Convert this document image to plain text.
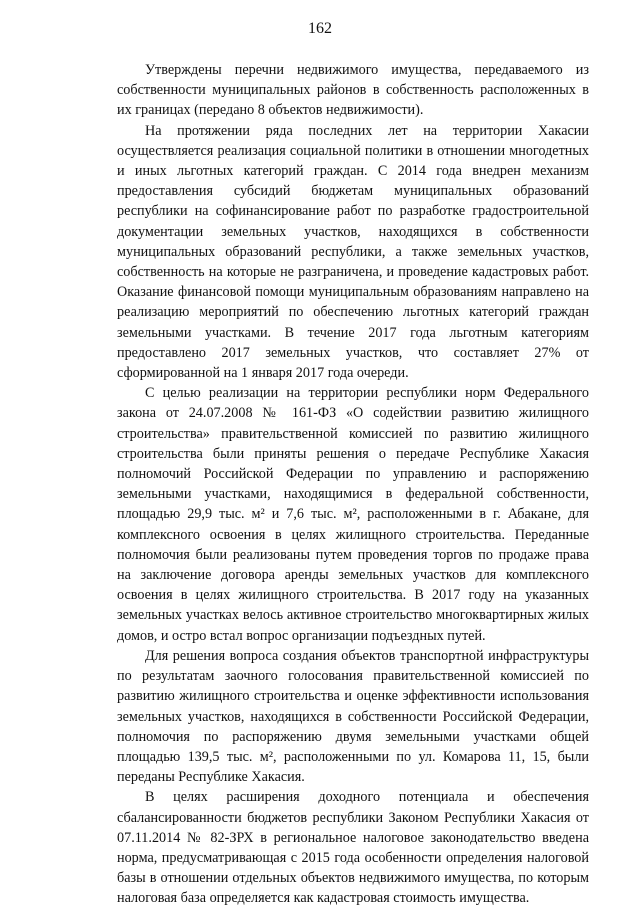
162

Утверждены перечни недвижимого имущества, передаваемого из собственности муниципальных районов в собственность расположенных в их границах (передано 8 объектов недвижимости).

На протяжении ряда последних лет на территории Хакасии осуществляется реализация социальной политики в отношении многодетных и иных льготных категорий граждан. С 2014 года внедрен механизм предоставления субсидий бюджетам муниципальных образований республики на софинансирование работ по разработке градостроительной документации земельных участков, находящихся в собственности муниципальных образований республики, а также земельных участков, собственность на которые не разграничена, и проведение кадастровых работ. Оказание финансовой помощи муниципальным образованиям направлено на реализацию мероприятий по обеспечению льготных категорий граждан земельными участками. В течение 2017 года льготным категориям предоставлено 2017 земельных участков, что составляет 27% от сформированной на 1 января 2017 года очереди.

С целью реализации на территории республики норм Федерального закона от 24.07.2008 № 161-ФЗ «О содействии развитию жилищного строительства» правительственной комиссией по развитию жилищного строительства были приняты решения о передаче Республике Хакасия полномочий Российской Федерации по управлению и распоряжению земельными участками, находящимися в федеральной собственности, площадью 29,9 тыс. м² и 7,6 тыс. м², расположенными в г. Абакане, для комплексного освоения в целях жилищного строительства. Переданные полномочия были реализованы путем проведения торгов по продаже права на заключение договора аренды земельных участков для комплексного освоения в целях жилищного строительства. В 2017 году на указанных земельных участках велось активное строительство многоквартирных жилых домов, и остро встал вопрос организации подъездных путей.

Для решения вопроса создания объектов транспортной инфраструктуры по результатам заочного голосования правительственной комиссией по развитию жилищного строительства и оценке эффективности использования земельных участков, находящихся в собственности Российской Федерации, полномочия по распоряжению двумя земельными участками общей площадью 139,5 тыс. м², расположенными по ул. Комарова 11, 15, были переданы Республике Хакасия.

В целях расширения доходного потенциала и обеспечения сбалансированности бюджетов республики Законом Республики Хакасия от 07.11.2014 № 82-ЗРХ в региональное налоговое законодательство введена норма, предусматривающая с 2015 года особенности определения налоговой базы в отношении отдельных объектов недвижимого имущества, по которым налоговая база определяется как кадастровая стоимость имущества.
